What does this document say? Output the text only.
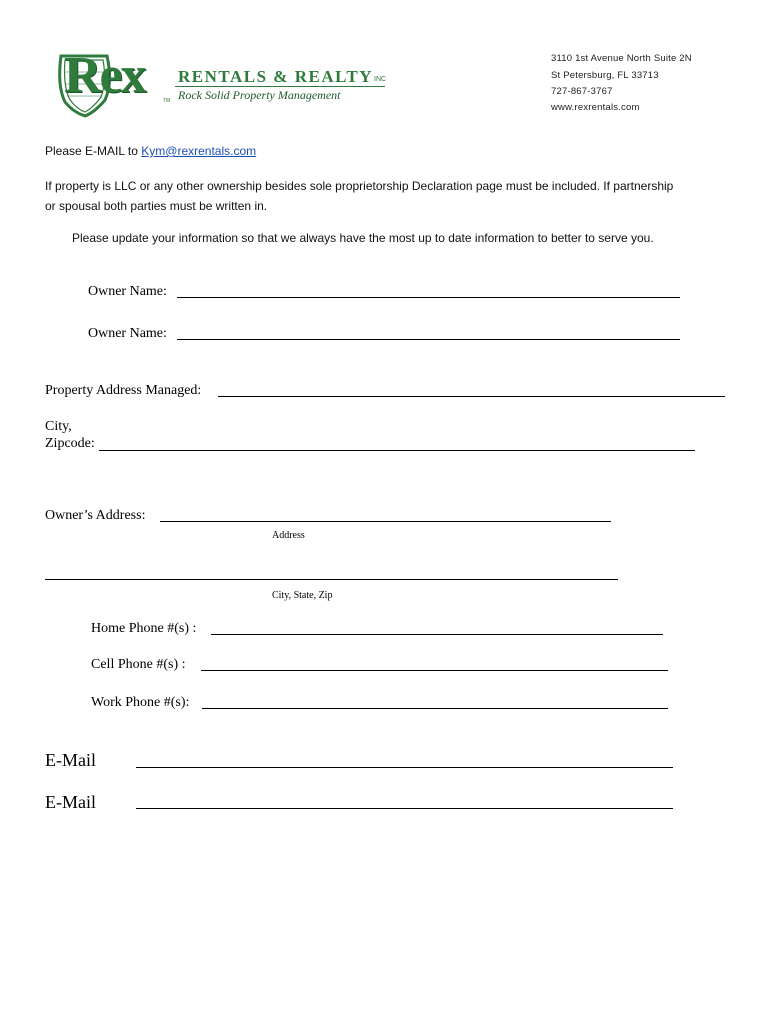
Rex	TM
RENTALS & REALTY INC
Rock Solid Property Management
3110 1st Avenue North Suite 2N
St Petersburg, FL 33713
727-867-3767
www.rexrentals.com
Please E-MAIL to Kym@rexrentals.com
If property is LLC or any other ownership besides sole proprietorship Declaration page must be included. If partnership
or spousal both parties must be written in.
Please update your information so that we always have the most up to date information to better to serve you.
Owner Name:
Owner Name:
Property Address Managed:
City,
Zipcode:
Owner’s Address:
Address
City, State, Zip
Home Phone #(s) :
Cell Phone #(s) :
Work Phone #(s):
E-Mail
E-Mail
